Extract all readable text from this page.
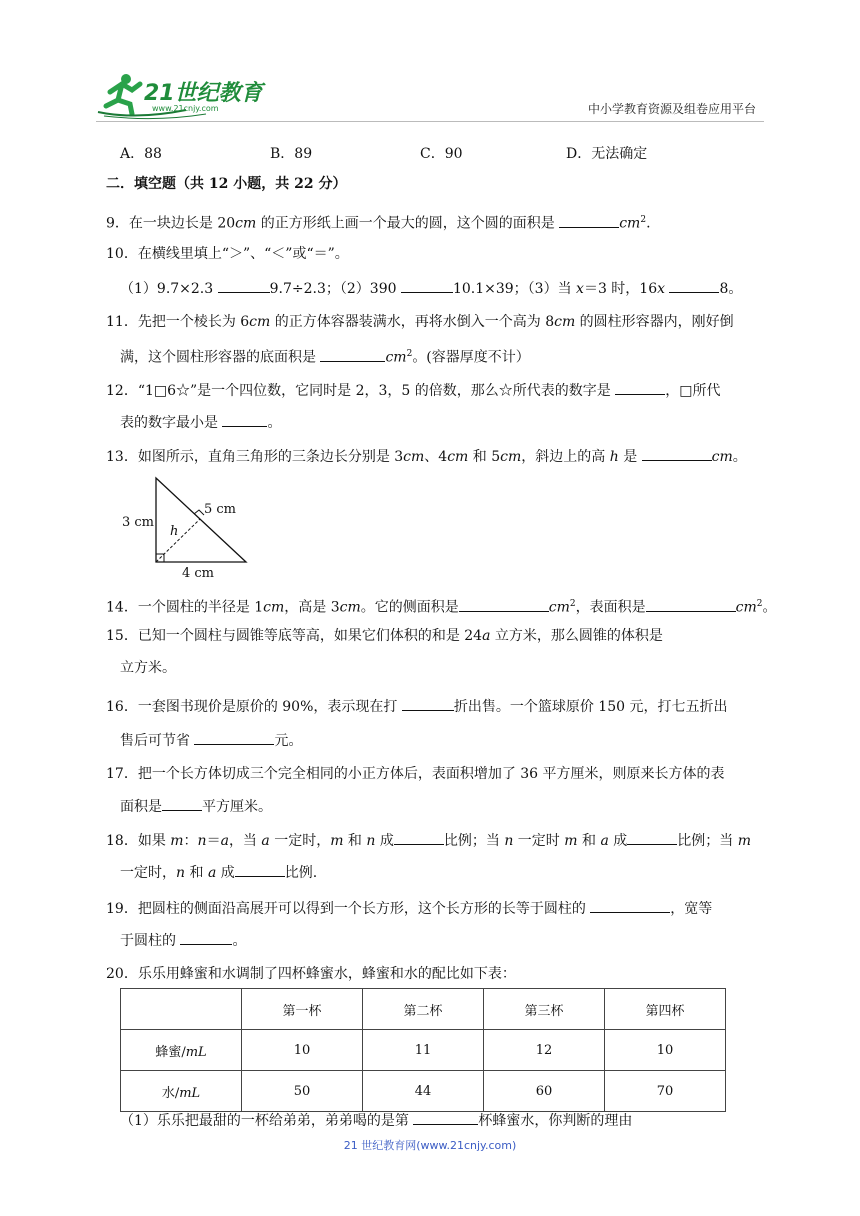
21世纪教育
www.21cnjy.com	中小学教育资源及组卷应用平台
A．88	B．89	C．90	D．无法确定
二．填空题（共 12 小题，共 22 分）
9．在一块边长是 20cm 的正方形纸上画一个最大的圆，这个圆的面积是	$cm^2$.
10．在横线里填上“＞”、“＜”或“＝”。
（1）9.7×2.3	9.7÷2.3；（2）390	10.1×39；（3）当 x＝3 时，16x	8。
11．先把一个棱长为 6cm 的正方体容器装满水，再将水倒入一个高为 8cm 的圆柱形容器内，刚好倒
满，这个圆柱形容器的底面积是	$cm^2$。(容器厚度不计）
12．“1□6☆”是一个四位数，它同时是 2，3，5 的倍数，那么☆所代表的数字是	，□所代
表的数字最小是	。
13．如图所示，直角三角形的三条边长分别是 3cm、4cm 和 5cm，斜边上的高 h 是	cm。
3 cm
5 cm
4 cm
h
14．一个圆柱的半径是 1cm，高是 3cm。它的侧面积是	$cm^2$，表面积是	$cm^2$。
15．已知一个圆柱与圆锥等底等高，如果它们体积的和是 24a 立方米，那么圆锥的体积是
立方米。
16．一套图书现价是原价的 90%，表示现在打	折出售。一个篮球原价 150 元，打七五折出
售后可节省	元。
17．把一个长方体切成三个完全相同的小正方体后，表面积增加了 36 平方厘米，则原来长方体的表
面积是	平方厘米。
18．如果 m：n＝a，当 a 一定时，m 和 n 成	比例；当 n 一定时 m 和 a 成	比例；当 m
一定时，n 和 a 成	比例.
19．把圆柱的侧面沿高展开可以得到一个长方形，这个长方形的长等于圆柱的	，宽等
于圆柱的	。
20．乐乐用蜂蜜和水调制了四杯蜂蜜水，蜂蜜和水的配比如下表：
	第一杯	第二杯	第三杯	第四杯
蜂蜜/mL	10	11	12	10
水/mL	50	44	60	70
（1）乐乐把最甜的一杯给弟弟，弟弟喝的是第	杯蜂蜜水，你判断的理由
21 世纪教育网(www.21cnjy.com)
